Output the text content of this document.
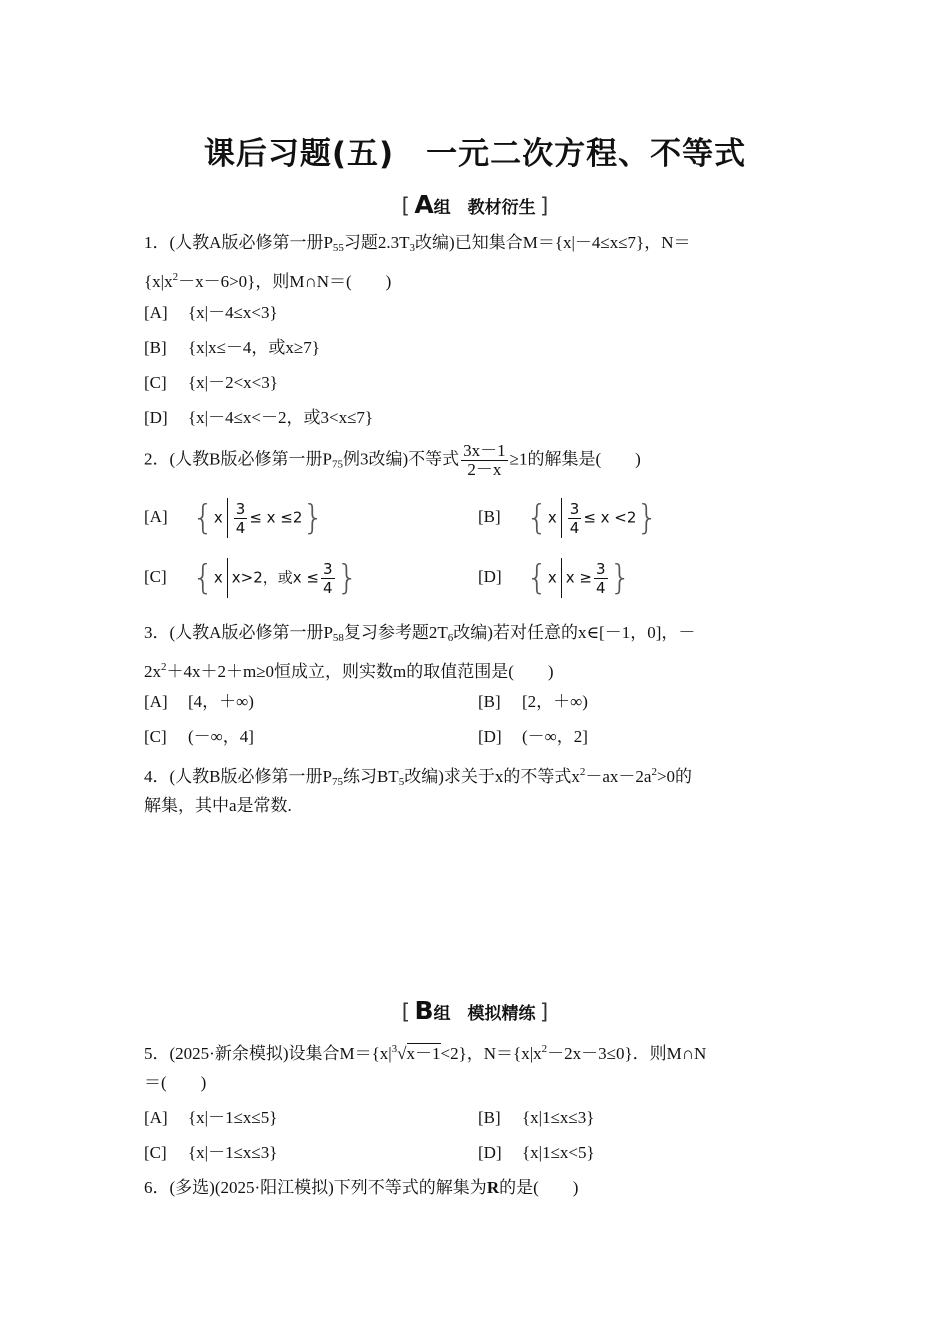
课后习题(五)　一元二次方程、不等式
[ A组　教材衍生 ]
1．(人教A版必修第一册$P_{55}$习题$2.3T_3$改编)已知集合M＝{x|－4≤x≤7}，N＝
$\{x|x^2-x-6>0\}$，则M∩N＝(　　)
[A] {x|－4≤x<3}
[B] {x|x≤－4，或x≥7}
[C] {x|－2<x<3}
[D] {x|－4≤x<－2，或3<x≤7}
2．(人教B版必修第一册$P_{75}$例3改编)不等式 $\frac{3x-1}{2-x} \ge 1$的解集是(　　)
[A] $\{x \frac{3}{4} \le x \le 2\}$	[B] $\{x \frac{3}{4} \le x <2\}$
[C] {x x>2，或$x \le \frac{3}{4}$ }	[D] {x $x \ge \frac{3}{4}$ }
3．(人教A版必修第一册$P_{58}$复习参考题$2T_6$改编)若对任意的x∈[－1，0]，－
$2x^2+4x+2+m\ge 0$恒成立，则实数m的取值范围是(　　)
[A] [4，＋∞)	[B] [2，＋∞)
[C] (－∞，4]	[D] (－∞，2]
4．(人教B版必修第一册$P_{75}$练习$BT_5$改编)求关于x的不等式$x^2-ax-2a^2>0$的
解集，其中a是常数.
[ B组　模拟精练 ]
5．(2025·新余模拟)设集合$M=\{x|^3√x-1<2\}$，$N=\{x|x^2-2x-3\le 0\}$．则M∩N
＝(　　)
[A] {x|－1≤x≤5}	[B] {x|1≤x≤3}
[C] {x|－1≤x≤3}	[D] {x|1≤x<5}
6．(多选)(2025·阳江模拟)下列不等式的解集为R的是(　　)
